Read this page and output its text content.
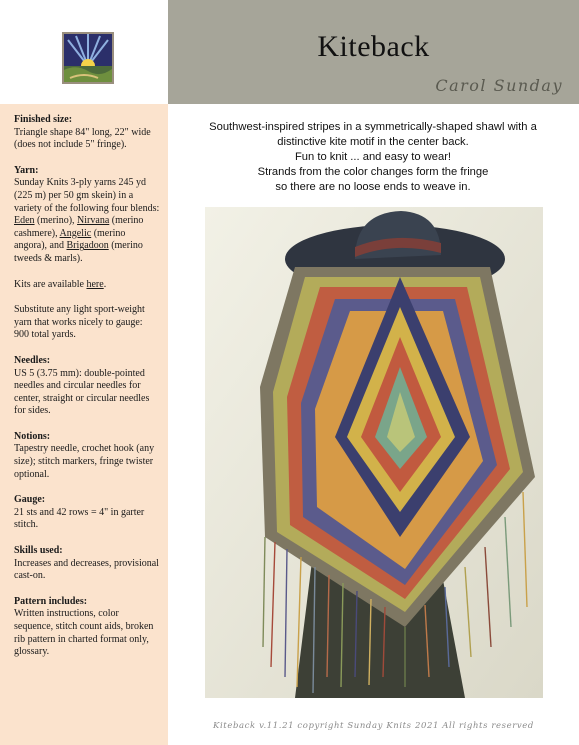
Kiteback
Carol Sunday
Finished size:
Triangle shape 84" long, 22" wide (does not include 5" fringe).
Yarn:
Sunday Knits 3-ply yarns 245 yd (225 m) per 50 gm skein) in a variety of the following four blends: Eden (merino), Nirvana (merino cashmere), Angelic (merino angora), and Brigadoon (merino tweeds & marls).
Kits are available here.
Substitute any light sport-weight yarn that works nicely to gauge:
900 total yards.
Needles:
US 5 (3.75 mm): double-pointed needles and circular needles for center, straight or circular needles for sides.
Notions:
Tapestry needle, crochet hook (any size); stitch markers, fringe twister optional.
Gauge:
21 sts and 42 rows = 4" in garter stitch.
Skills used:
Increases and decreases, provisional cast-on.
Pattern includes:
Written instructions, color sequence, stitch count aids, broken rib pattern in charted format only, glossary.
Southwest-inspired stripes in a symmetrically-shaped shawl with a
distinctive kite motif in the center back.
Fun to knit ... and easy to wear!
Strands from the color changes form the fringe
so there are no loose ends to weave in.
Kiteback v.11.21 copyright Sunday Knits 2021 All rights reserved
